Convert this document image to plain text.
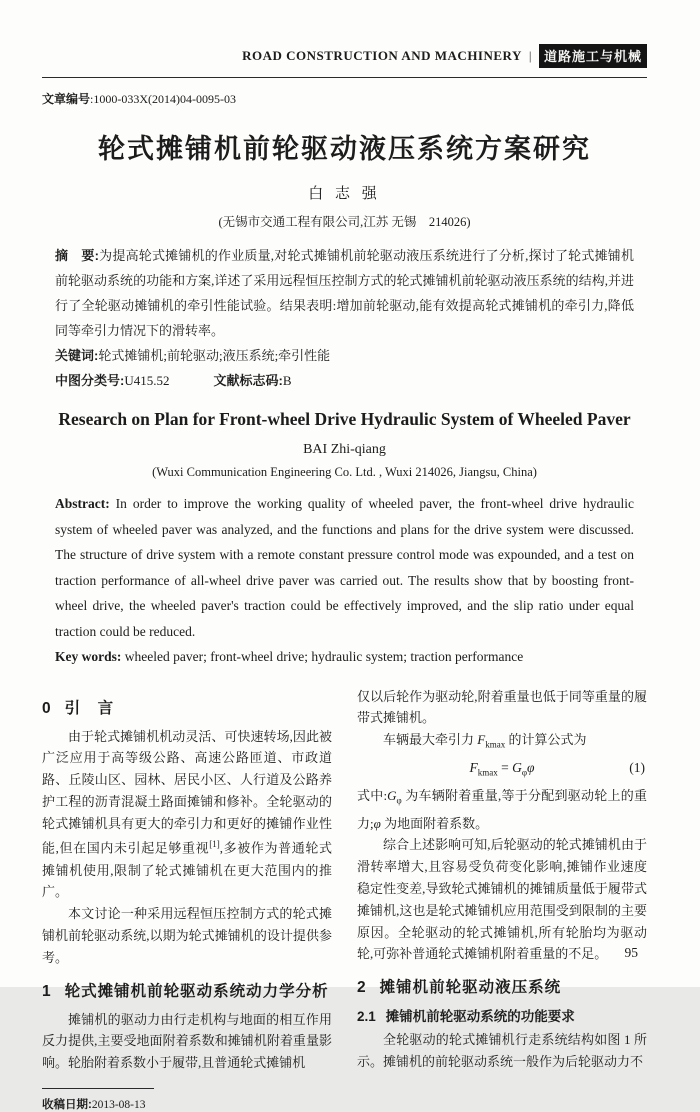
ROAD CONSTRUCTION AND MACHINERY | 道路施工与机械
文章编号:1000-033X(2014)04-0095-03
轮式摊铺机前轮驱动液压系统方案研究
白 志 强
(无锡市交通工程有限公司,江苏 无锡　214026)
摘　要:为提高轮式摊铺机的作业质量,对轮式摊铺机前轮驱动液压系统进行了分析,探讨了轮式摊铺机前轮驱动系统的功能和方案,详述了采用远程恒压控制方式的轮式摊铺机前轮驱动液压系统的结构,并进行了全轮驱动摊铺机的牵引性能试验。结果表明:增加前轮驱动,能有效提高轮式摊铺机的牵引力,降低同等牵引力情况下的滑转率。
关键词:轮式摊铺机;前轮驱动;液压系统;牵引性能
中图分类号:U415.52	文献标志码:B
Research on Plan for Front-wheel Drive Hydraulic System of Wheeled Paver
BAI Zhi-qiang
(Wuxi Communication Engineering Co. Ltd. , Wuxi 214026, Jiangsu, China)
Abstract: In order to improve the working quality of wheeled paver, the front-wheel drive hydraulic system of wheeled paver was analyzed, and the functions and plans for the drive system were discussed. The structure of drive system with a remote constant pressure control mode was expounded, and a test on traction performance of all-wheel drive paver was carried out. The results show that by boosting front-wheel drive, the wheeled paver's traction could be effectively improved, and the slip ratio under equal traction could be reduced.
Key words: wheeled paver; front-wheel drive; hydraulic system; traction performance
0 引　言

由于轮式摊铺机机动灵活、可快速转场,因此被广泛应用于高等级公路、高速公路匝道、市政道路、丘陵山区、园林、居民小区、人行道及公路养护工程的沥青混凝土路面摊铺和修补。全轮驱动的轮式摊铺机具有更大的牵引力和更好的摊铺作业性能,但在国内未引起足够重视[1],多被作为普通轮式摊铺机使用,限制了轮式摊铺机在更大范围内的推广。

本文讨论一种采用远程恒压控制方式的轮式摊铺机前轮驱动系统,以期为轮式摊铺机的设计提供参考。

1 轮式摊铺机前轮驱动系统动力学分析

摊铺机的驱动力由行走机构与地面的相互作用反力提供,主要受地面附着系数和摊铺机附着重量影响。轮胎附着系数小于履带,且普通轮式摊铺机

收稿日期:2013-08-13

仅以后轮作为驱动轮,附着重量也低于同等重量的履带式摊铺机。

车辆最大牵引力 $F_{kmax}$ 的计算公式为

$F_{kmax} = G_\varphi\varphi$	(1)

式中$:G_\varphi$ 为车辆附着重量,等于分配到驱动轮上的重力;φ 为地面附着系数。

综合上述影响可知,后轮驱动的轮式摊铺机由于滑转率增大,且容易受负荷变化影响,摊铺作业速度稳定性变差,导致轮式摊铺机的摊铺质量低于履带式摊铺机,这也是轮式摊铺机应用范围受到限制的主要原因。全轮驱动的轮式摊铺机,所有轮胎均为驱动轮,可弥补普通轮式摊铺机附着重量的不足。

2 摊铺机前轮驱动液压系统
2.1 摊铺机前轮驱动系统的功能要求

全轮驱动的轮式摊铺机行走系统结构如图 1 所示。摊铺机的前轮驱动系统一般作为后轮驱动力不

95
